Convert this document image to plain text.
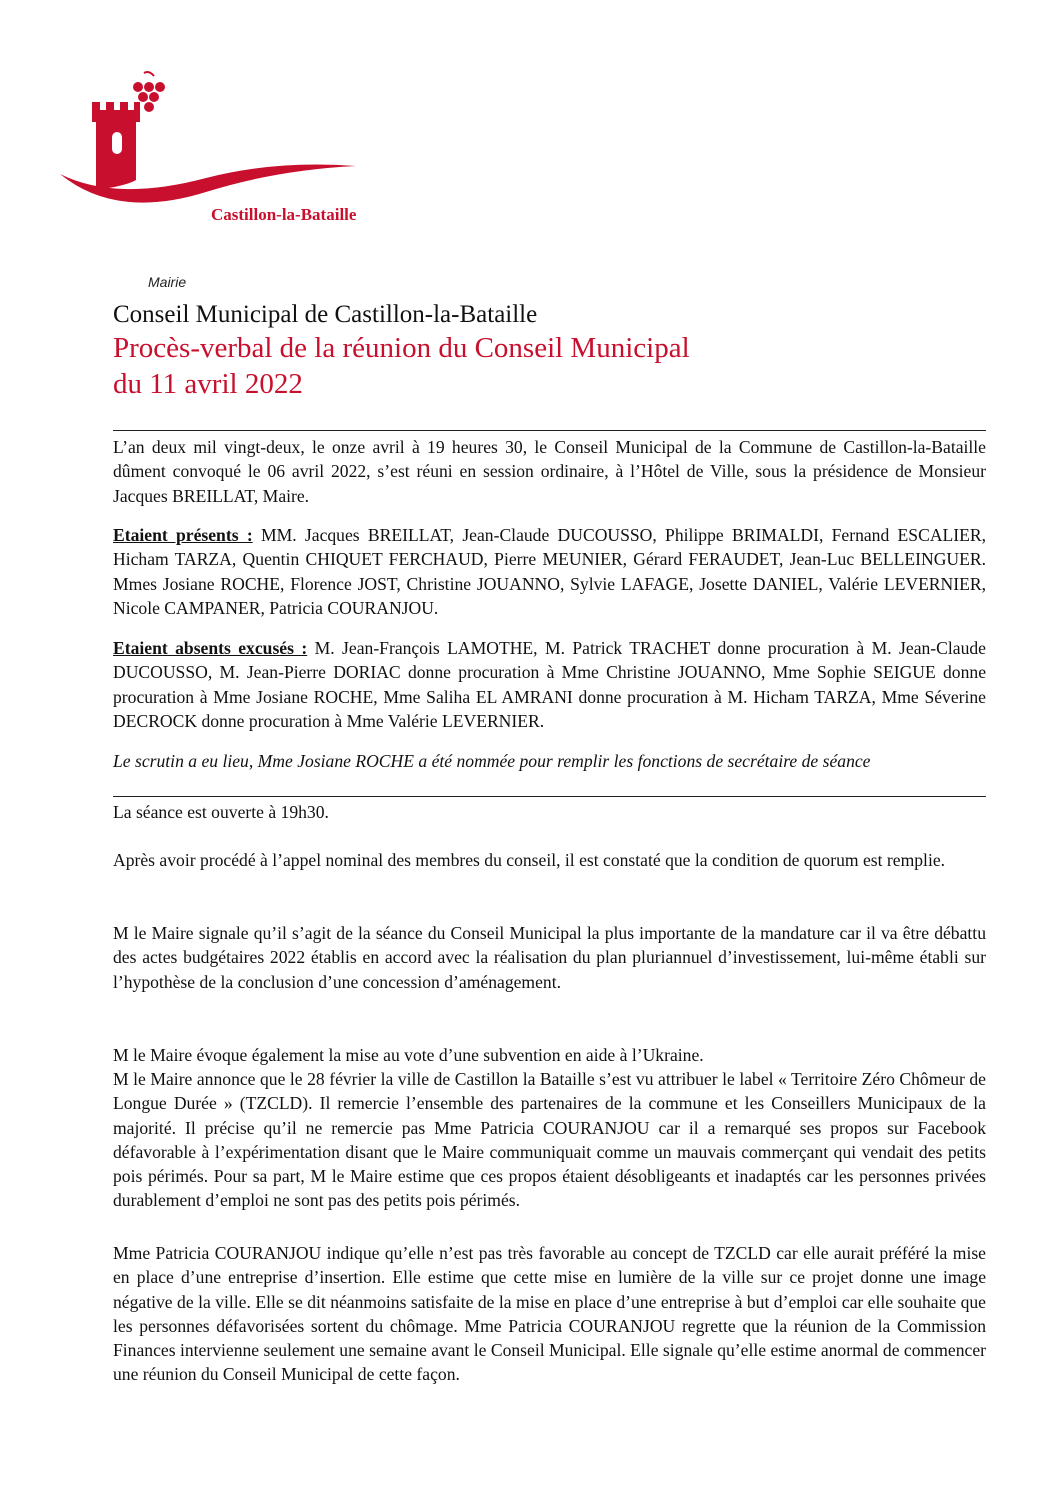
Castillon-la-Bataille
Mairie
Conseil Municipal de Castillon-la-Bataille
Procès-verbal de la réunion du Conseil Municipal
du 11 avril 2022

L’an deux mil vingt-deux, le onze avril à 19 heures 30, le Conseil Municipal de la Commune de Castillon-la-Bataille dûment convoqué le 06 avril 2022, s’est réuni en session ordinaire, à l’Hôtel de Ville, sous la présidence de Monsieur Jacques BREILLAT, Maire.

Etaient présents : MM. Jacques BREILLAT, Jean-Claude DUCOUSSO, Philippe BRIMALDI, Fernand ESCALIER, Hicham TARZA, Quentin CHIQUET FERCHAUD, Pierre MEUNIER, Gérard FERAUDET, Jean-Luc BELLEINGUER. Mmes Josiane ROCHE, Florence JOST, Christine JOUANNO, Sylvie LAFAGE, Josette DANIEL, Valérie LEVERNIER, Nicole CAMPANER, Patricia COURANJOU.

Etaient absents excusés : M. Jean-François LAMOTHE, M. Patrick TRACHET donne procuration à M. Jean-Claude DUCOUSSO, M. Jean-Pierre DORIAC donne procuration à Mme Christine JOUANNO, Mme Sophie SEIGUE donne procuration à Mme Josiane ROCHE, Mme Saliha EL AMRANI donne procuration à M. Hicham TARZA, Mme Séverine DECROCK donne procuration à Mme Valérie LEVERNIER.

Le scrutin a eu lieu, Mme Josiane ROCHE a été nommée pour remplir les fonctions de secrétaire de séance

La séance est ouverte à 19h30.

Après avoir procédé à l’appel nominal des membres du conseil, il est constaté que la condition de quorum est remplie.

M le Maire signale qu’il s’agit de la séance du Conseil Municipal la plus importante de la mandature car il va être débattu des actes budgétaires 2022 établis en accord avec la réalisation du plan pluriannuel d’investissement, lui-même établi sur l’hypothèse de la conclusion d’une concession d’aménagement.

M le Maire évoque également la mise au vote d’une subvention en aide à l’Ukraine.

M le Maire annonce que le 28 février la ville de Castillon la Bataille s’est vu attribuer le label « Territoire Zéro Chômeur de Longue Durée » (TZCLD). Il remercie l’ensemble des partenaires de la commune et les Conseillers Municipaux de la majorité. Il précise qu’il ne remercie pas Mme Patricia COURANJOU car il a remarqué ses propos sur Facebook défavorable à l’expérimentation disant que le Maire communiquait comme un mauvais commerçant qui vendait des petits pois périmés. Pour sa part, M le Maire estime que ces propos étaient désobligeants et inadaptés car les personnes privées durablement d’emploi ne sont pas des petits pois périmés.

Mme Patricia COURANJOU indique qu’elle n’est pas très favorable au concept de TZCLD car elle aurait préféré la mise en place d’une entreprise d’insertion. Elle estime que cette mise en lumière de la ville sur ce projet donne une image négative de la ville. Elle se dit néanmoins satisfaite de la mise en place d’une entreprise à but d’emploi car elle souhaite que les personnes défavorisées sortent du chômage. Mme Patricia COURANJOU regrette que la réunion de la Commission Finances intervienne seulement une semaine avant le Conseil Municipal. Elle signale qu’elle estime anormal de commencer une réunion du Conseil Municipal de cette façon.
